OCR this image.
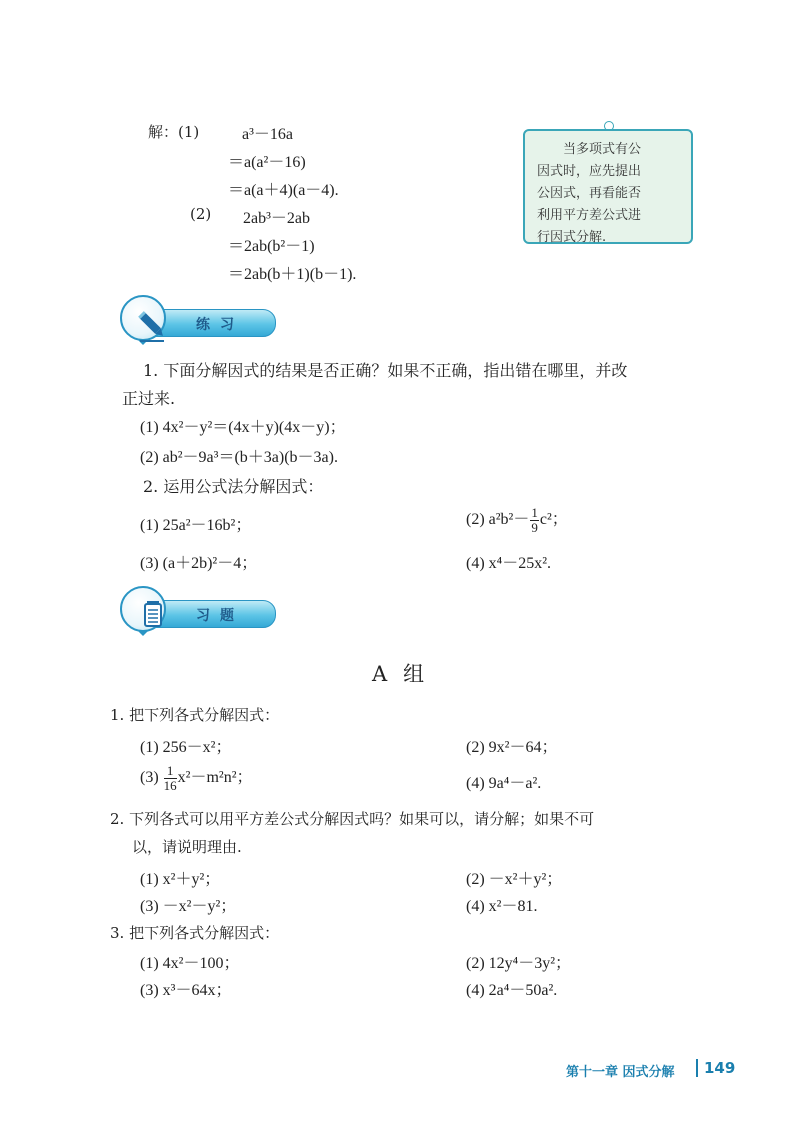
解：(1)	a³－16a
＝a(a²－16)
＝a(a＋4)(a－4).
(2) 2ab³－2ab
＝2ab(b²－1)
＝2ab(b＋1)(b－1).
当多项式有公
因式时，应先提出
公因式，再看能否
利用平方差公式进
行因式分解.
练习
1. 下面分解因式的结果是否正确？如果不正确，指出错在哪里，并改
正过来.
(1) 4x²－y²＝(4x＋y)(4x－y)；
(2) ab²－9a³＝(b＋3a)(b－3a).
2. 运用公式法分解因式：
(1) 25a²－16b²；	(2) $a^2b^2- \frac{1}{9} c^2$；
(3) (a＋2b)²－4；	(4) x⁴－25x².
习题
A组
1. 把下列各式分解因式：
(1) 256－x²；	(2) 9x²－64；
$(3) \frac{1}{16} x^2-m^2n^2$；	(4) 9a⁴－a².
2. 下列各式可以用平方差公式分解因式吗？如果可以，请分解；如果不可
以，请说明理由.
(1) x²＋y²；	(2) －x²＋y²；
(3) －x²－y²；	(4) x²－81.
3. 把下列各式分解因式：
(1) 4x²－100；	(2) 12y⁴－3y²；
(3) x³－64x；	(4) 2a⁴－50a².
第十一章 因式分解 149
